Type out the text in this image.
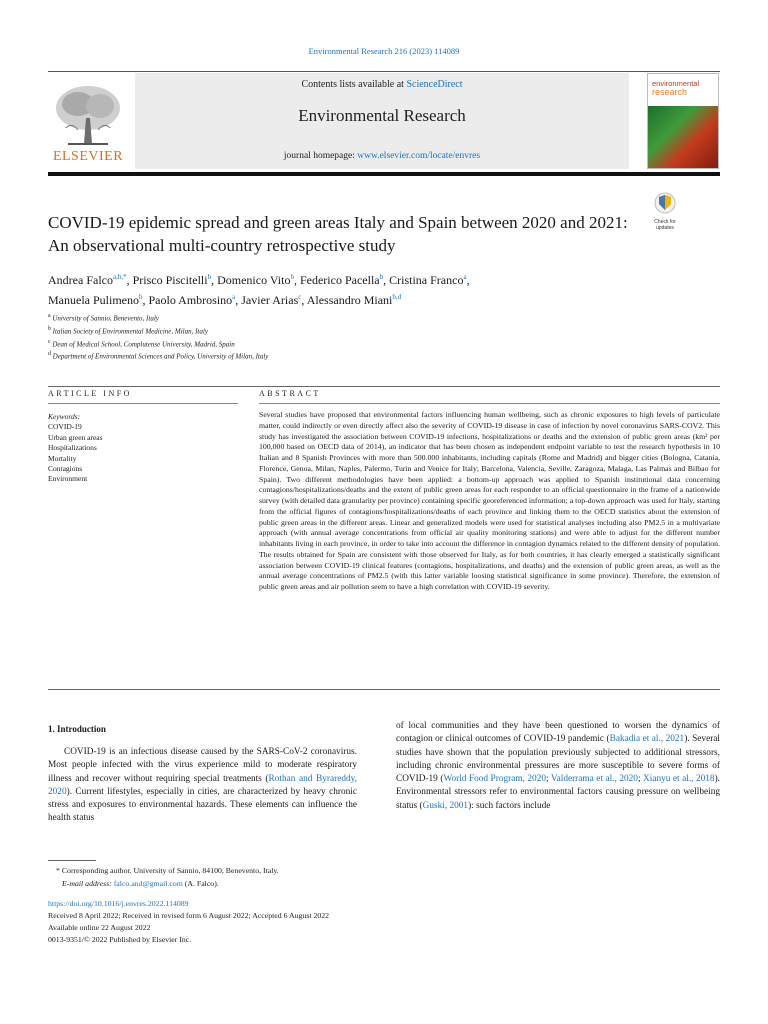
Environmental Research 216 (2023) 114089
ELSEVIER
Contents lists available at ScienceDirect
Environmental Research
journal homepage: www.elsevier.com/locate/envres
environmental
research
COVID-19 epidemic spread and green areas Italy and Spain between 2020 and 2021: An observational multi-country retrospective study
Check for
updates
Andrea Falco$^{a,b,*}$, Prisco Piscitelli$^b$, Domenico Vito$^b$, Federico Pacella$^b$, Cristina Franco$^a$,
Manuela Pulimeno$^b$, Paolo Ambrosino$^a$, Javier Arias$^c$, Alessandro Miani$^{b,d}$
$^a$ University of Sannio, Benevento, Italy
$^b$ Italian Society of Environmental Medicine, Milan, Italy
$^c$ Dean of Medical School, Complutense University, Madrid, Spain
$^d$ Department of Environmental Sciences and Policy, University of Milan, Italy
ARTICLE INFO	ABSTRACT
Keywords:
COVID-19
Urban green areas
Hospitalizations
Mortality
Contagions
Environment
Several studies have proposed that environmental factors influencing human wellbeing, such as chronic exposures to high levels of particulate matter, could indirectly or even directly affect also the severity of COVID-19 disease in case of infection by novel coronavirus SARS-COV2. This study has investigated the association between COVID-19 infections, hospitalizations or deaths and the extension of public green areas (km² per 100,000 based on OECD data of 2014), an indicator that has been chosen as independent endpoint variable to test the research hypothesis in 10 Italian and 8 Spanish Provinces with more than 500.000 inhabitants, including capitals (Rome and Madrid) and bigger cities (Bologna, Catania, Florence, Genoa, Milan, Naples, Palermo, Turin and Venice for Italy; Barcelona, Valencia, Seville, Zaragoza, Malaga, Las Palmas and Bilbao for Spain). Two different methodologies have been applied: a bottom-up approach was applied to Spanish institutional data concerning contagions/hospitalizations/deaths and the extent of public green areas for each responder to an official questionnaire in the frame of a nationwide survey (with detailed data granularity per province) containing specific georeferenced information; a top-down approach was used for Italy, starting from the official figures of contagions/hospitalizations/deaths of each province and linking them to the OECD statistics about the extension of public green areas in the different areas. Linear and generalized models were used for statistical analyses including also PM2.5 in a multivariate approach (with annual average concentrations from official air quality monitoring stations) and were able to adjust for the different number inhabitants living in each province, in order to take into account the difference in contagion dynamics related to the different density of population. The results obtained for Spain are consistent with those observed for Italy, as for both countries, it has clearly emerged a statistically significant association between COVID-19 clinical features (contagions, hospitalizations, and deaths) and the extension of public green areas, as well as the annual average concentrations of PM2.5 (with this latter variable loosing statistical significance in some province). Therefore, the extension of public green areas and air pollution seem to have a high correlation with COVID-19 severity.
1. Introduction
COVID-19 is an infectious disease caused by the SARS-CoV-2 coronavirus. Most people infected with the virus experience mild to moderate respiratory illness and recover without requiring special treatments (Rothan and Byrareddy, 2020). Current lifestyles, especially in cities, are characterized by heavy chronic stress and exposures to environmental hazards. These elements can influence the health status
of local communities and they have been questioned to worsen the dynamics of contagion or clinical outcomes of COVID-19 pandemic (Bakadia et al., 2021). Several studies have shown that the population previously subjected to additional stressors, including chronic environmental pressures are more susceptible to severe forms of COVID-19 (World Food Program, 2020; Valderrama et al., 2020; Xianyu et al., 2018). Environmental stressors refer to environmental factors causing pressure on wellbeing status (Guski, 2001): such factors include
* Corresponding author. University of Sannio, 84100, Benevento, Italy.
E-mail address: falco.and@gmail.com (A. Falco).
https://doi.org/10.1016/j.envres.2022.114089
Received 8 April 2022; Received in revised form 6 August 2022; Accepted 6 August 2022
Available online 22 August 2022
0013-9351/© 2022 Published by Elsevier Inc.
